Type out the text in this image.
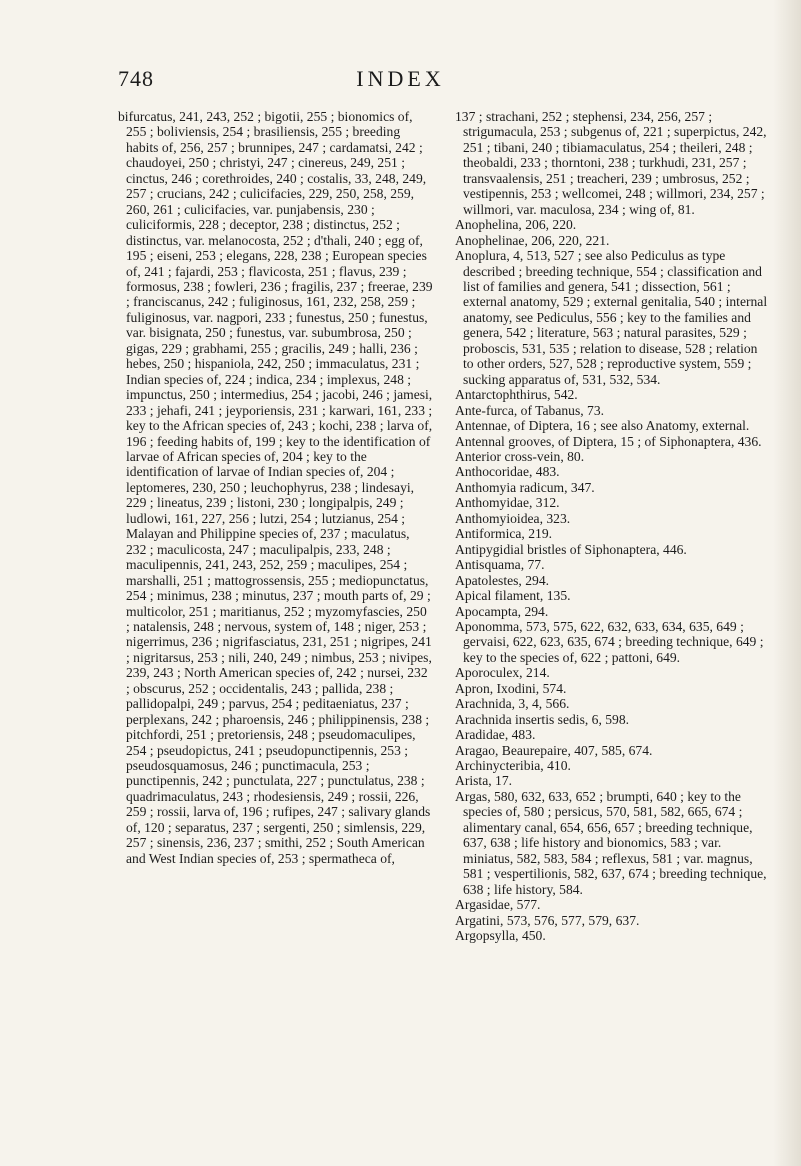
748	INDEX

bifurcatus, 241, 243, 252 ; bigotii, 255 ; bionomics of, 255 ; boliviensis, 254 ; brasiliensis, 255 ; breeding habits of, 256, 257 ; brunnipes, 247 ; cardamatsi, 242 ; chaudoyei, 250 ; christyi, 247 ; cinereus, 249, 251 ; cinctus, 246 ; corethroides, 240 ; costalis, 33, 248, 249, 257 ; crucians, 242 ; culicifacies, 229, 250, 258, 259, 260, 261 ; culicifacies, var. punjabensis, 230 ; culiciformis, 228 ; deceptor, 238 ; distinctus, 252 ; distinctus, var. melanocosta, 252 ; d'thali, 240 ; egg of, 195 ; eiseni, 253 ; elegans, 228, 238 ; European species of, 241 ; fajardi, 253 ; flavicosta, 251 ; flavus, 239 ; formosus, 238 ; fowleri, 236 ; fragilis, 237 ; freerae, 239 ; franciscanus, 242 ; fuliginosus, 161, 232, 258, 259 ; fuliginosus, var. nagpori, 233 ; funestus, 250 ; funestus, var. bisignata, 250 ; funestus, var. subumbrosa, 250 ; gigas, 229 ; grabhami, 255 ; gracilis, 249 ; halli, 236 ; hebes, 250 ; hispaniola, 242, 250 ; immaculatus, 231 ; Indian species of, 224 ; indica, 234 ; implexus, 248 ; impunctus, 250 ; intermedius, 254 ; jacobi, 246 ; jamesi, 233 ; jehafi, 241 ; jeyporiensis, 231 ; karwari, 161, 233 ; key to the African species of, 243 ; kochi, 238 ; larva of, 196 ; feeding habits of, 199 ; key to the identification of larvae of African species of, 204 ; key to the identification of larvae of Indian species of, 204 ; leptomeres, 230, 250 ; leuchophyrus, 238 ; lindesayi, 229 ; lineatus, 239 ; listoni, 230 ; longipalpis, 249 ; ludlowi, 161, 227, 256 ; lutzi, 254 ; lutzianus, 254 ; Malayan and Philippine species of, 237 ; maculatus, 232 ; maculicosta, 247 ; maculipalpis, 233, 248 ; maculipennis, 241, 243, 252, 259 ; maculipes, 254 ; marshalli, 251 ; mattogrossensis, 255 ; mediopunctatus, 254 ; minimus, 238 ; minutus, 237 ; mouth parts of, 29 ; multicolor, 251 ; maritianus, 252 ; myzomyfascies, 250 ; natalensis, 248 ; nervous, system of, 148 ; niger, 253 ; nigerrimus, 236 ; nigrifasciatus, 231, 251 ; nigripes, 241 ; nigritarsus, 253 ; nili, 240, 249 ; nimbus, 253 ; nivipes, 239, 243 ; North American species of, 242 ; nursei, 232 ; obscurus, 252 ; occidentalis, 243 ; pallida, 238 ; pallidopalpi, 249 ; parvus, 254 ; peditaeniatus, 237 ; perplexans, 242 ; pharoensis, 246 ; philippinensis, 238 ; pitchfordi, 251 ; pretoriensis, 248 ; pseudomaculipes, 254 ; pseudopictus, 241 ; pseudopunctipennis, 253 ; pseudosquamosus, 246 ; punctimacula, 253 ; punctipennis, 242 ; punctulata, 227 ; punctulatus, 238 ; quadrimaculatus, 243 ; rhodesiensis, 249 ; rossii, 226, 259 ; rossii, larva of, 196 ; rufipes, 247 ; salivary glands of, 120 ; separatus, 237 ; sergenti, 250 ; simlensis, 229, 257 ; sinensis, 236, 237 ; smithi, 252 ; South American and West Indian species of, 253 ; spermatheca of,

137 ; strachani, 252 ; stephensi, 234, 256, 257 ; strigumacula, 253 ; subgenus of, 221 ; superpictus, 242, 251 ; tibani, 240 ; tibiamaculatus, 254 ; theileri, 248 ; theobaldi, 233 ; thorntoni, 238 ; turkhudi, 231, 257 ; transvaalensis, 251 ; treacheri, 239 ; umbrosus, 252 ; vestipennis, 253 ; wellcomei, 248 ; willmori, 234, 257 ; willmori, var. maculosa, 234 ; wing of, 81.

Anophelina, 206, 220.

Anophelinae, 206, 220, 221.

Anoplura, 4, 513, 527 ; see also Pediculus as type described ; breeding technique, 554 ; classification and list of families and genera, 541 ; dissection, 561 ; external anatomy, 529 ; external genitalia, 540 ; internal anatomy, see Pediculus, 556 ; key to the families and genera, 542 ; literature, 563 ; natural parasites, 529 ; proboscis, 531, 535 ; relation to disease, 528 ; relation to other orders, 527, 528 ; reproductive system, 559 ; sucking apparatus of, 531, 532, 534.

Antarctophthirus, 542.

Ante-furca, of Tabanus, 73.

Antennae, of Diptera, 16 ; see also Anatomy, external.

Antennal grooves, of Diptera, 15 ; of Siphonaptera, 436.

Anterior cross-vein, 80.

Anthocoridae, 483.

Anthomyia radicum, 347.

Anthomyidae, 312.

Anthomyioidea, 323.

Antiformica, 219.

Antipygidial bristles of Siphonaptera, 446.

Antisquama, 77.

Apatolestes, 294.

Apical filament, 135.

Apocampta, 294.

Aponomma, 573, 575, 622, 632, 633, 634, 635, 649 ; gervaisi, 622, 623, 635, 674 ; breeding technique, 649 ; key to the species of, 622 ; pattoni, 649.

Aporoculex, 214.

Apron, Ixodini, 574.

Arachnida, 3, 4, 566.

Arachnida insertis sedis, 6, 598.

Aradidae, 483.

Aragao, Beaurepaire, 407, 585, 674.

Archinycteribia, 410.

Arista, 17.

Argas, 580, 632, 633, 652 ; brumpti, 640 ; key to the species of, 580 ; persicus, 570, 581, 582, 665, 674 ; alimentary canal, 654, 656, 657 ; breeding technique, 637, 638 ; life history and bionomics, 583 ; var. miniatus, 582, 583, 584 ; reflexus, 581 ; var. magnus, 581 ; vespertilionis, 582, 637, 674 ; breeding technique, 638 ; life history, 584.

Argasidae, 577.

Argatini, 573, 576, 577, 579, 637.

Argopsylla, 450.
